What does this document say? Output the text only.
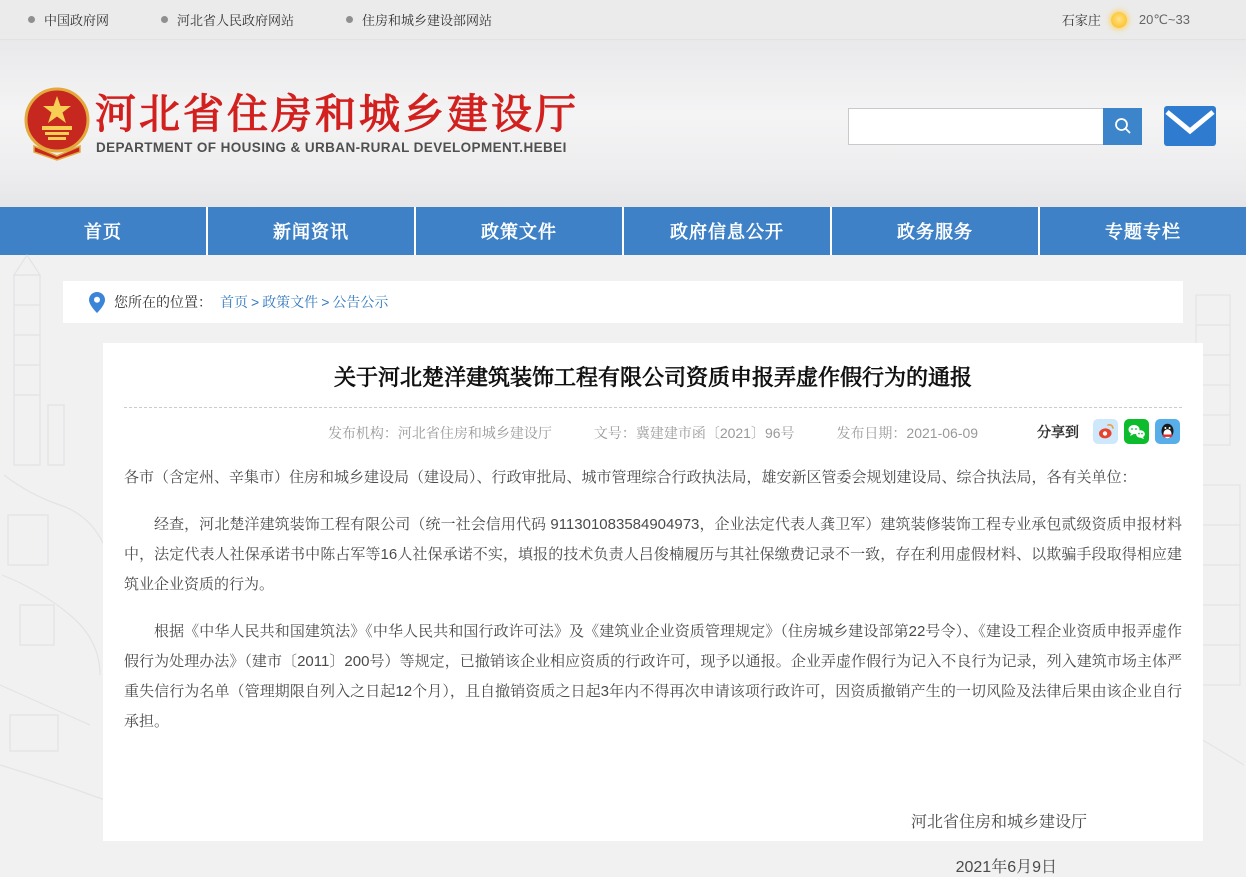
中国政府网	河北省人民政府网站	住房和城乡建设部网站	石家庄	20℃~33
河北省住房和城乡建设厅
DEPARTMENT OF HOUSING & URBAN-RURAL DEVELOPMENT.HEBEI
首页	新闻资讯	政策文件	政府信息公开	政务服务	专题专栏
您所在的位置： 首页 > 政策文件 > 公告公示
关于河北楚洋建筑装饰工程有限公司资质申报弄虚作假行为的通报
发布机构：河北省住房和城乡建设厅	文号：冀建建市函〔2021〕96号	发布日期：2021-06-09	分享到

各市（含定州、辛集市）住房和城乡建设局（建设局）、行政审批局、城市管理综合行政执法局，雄安新区管委会规划建设局、综合执法局，各有关单位：

经查，河北楚洋建筑装饰工程有限公司（统一社会信用代码 911301083584904973，企业法定代表人龚卫军）建筑装修装饰工程专业承包贰级资质申报材料中，法定代表人社保承诺书中陈占军等16人社保承诺不实，填报的技术负责人吕俊楠履历与其社保缴费记录不一致，存在利用虚假材料、以欺骗手段取得相应建筑业企业资质的行为。

根据《中华人民共和国建筑法》《中华人民共和国行政许可法》及《建筑业企业资质管理规定》（住房城乡建设部第22号令）、《建设工程企业资质申报弄虚作假行为处理办法》（建市〔2011〕200号）等规定，已撤销该企业相应资质的行政许可，现予以通报。企业弄虚作假行为记入不良行为记录，列入建筑市场主体严重失信行为名单（管理期限自列入之日起12个月），且自撤销资质之日起3年内不得再次申请该项行政许可，因资质撤销产生的一切风险及法律后果由该企业自行承担。

河北省住房和城乡建设厅
2021年6月9日
